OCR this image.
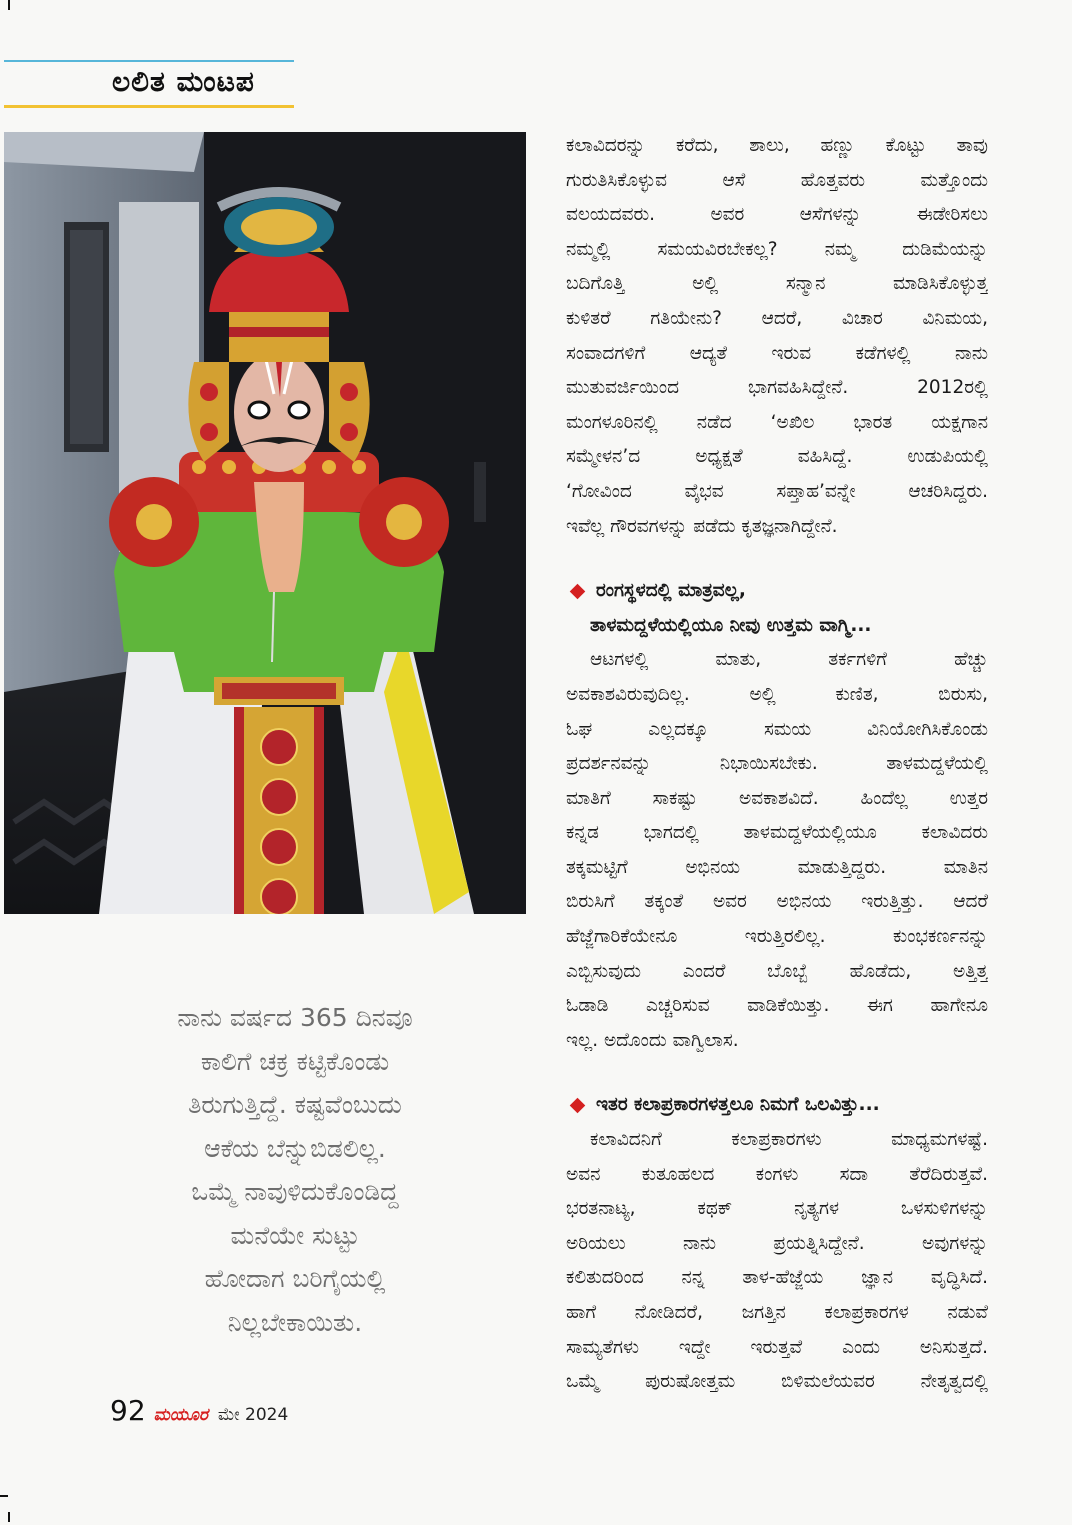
ಲಲಿತ ಮಂಟಪ
ನಾನು ವರ್ಷದ 365 ದಿನವೂ
ಕಾಲಿಗೆ ಚಕ್ರ ಕಟ್ಟಿಕೊಂಡು
ತಿರುಗುತ್ತಿದ್ದೆ. ಕಷ್ಟವೆಂಬುದು
ಆಕೆಯ ಬೆನ್ನುಬಿಡಲಿಲ್ಲ.
ಒಮ್ಮೆ ನಾವುಳಿದುಕೊಂಡಿದ್ದ
ಮನೆಯೇ ಸುಟ್ಟು
ಹೋದಾಗ ಬರಿಗೈಯಲ್ಲಿ
ನಿಲ್ಲಬೇಕಾಯಿತು.
ಕಲಾವಿದರನ್ನು ಕರೆದು, ಶಾಲು, ಹಣ್ಣು ಕೊಟ್ಟು ತಾವು
ಗುರುತಿಸಿಕೊಳ್ಳುವ ಆಸೆ ಹೊತ್ತವರು ಮತ್ತೊಂದು
ವಲಯದವರು. ಅವರ ಆಸೆಗಳನ್ನು ಈಡೇರಿಸಲು
ನಮ್ಮಲ್ಲಿ ಸಮಯವಿರಬೇಕಲ್ಲ? ನಮ್ಮ ದುಡಿಮೆಯನ್ನು
ಬದಿಗೊತ್ತಿ ಅಲ್ಲಿ ಸನ್ಮಾನ ಮಾಡಿಸಿಕೊಳ್ಳುತ್ತ
ಕುಳಿತರೆ ಗತಿಯೇನು? ಆದರೆ, ವಿಚಾರ ವಿನಿಮಯ,
ಸಂವಾದಗಳಿಗೆ ಆದ್ಯತೆ ಇರುವ ಕಡೆಗಳಲ್ಲಿ ನಾನು
ಮುತುವರ್ಜಿಯಿಂದ ಭಾಗವಹಿಸಿದ್ದೇನೆ. 2012ರಲ್ಲಿ
ಮಂಗಳೂರಿನಲ್ಲಿ ನಡೆದ ‘ಅಖಿಲ ಭಾರತ ಯಕ್ಷಗಾನ
ಸಮ್ಮೇಳನ’ದ ಅಧ್ಯಕ್ಷತೆ ವಹಿಸಿದ್ದೆ. ಉಡುಪಿಯಲ್ಲಿ
‘ಗೋವಿಂದ ವೈಭವ ಸಪ್ತಾಹ’ವನ್ನೇ ಆಚರಿಸಿದ್ದರು.
ಇವೆಲ್ಲ ಗೌರವಗಳನ್ನು ಪಡೆದು ಕೃತಜ್ಞನಾಗಿದ್ದೇನೆ.
ರಂಗಸ್ಥಳದಲ್ಲಿ ಮಾತ್ರವಲ್ಲ,
ತಾಳಮದ್ದಳೆಯಲ್ಲಿಯೂ ನೀವು ಉತ್ತಮ ವಾಗ್ಮಿ...
ಆಟಗಳಲ್ಲಿ ಮಾತು, ತರ್ಕಗಳಿಗೆ ಹೆಚ್ಚು
ಅವಕಾಶವಿರುವುದಿಲ್ಲ. ಅಲ್ಲಿ ಕುಣಿತ, ಬಿರುಸು,
ಓಘ ಎಲ್ಲದಕ್ಕೂ ಸಮಯ ವಿನಿಯೋಗಿಸಿಕೊಂಡು
ಪ್ರದರ್ಶನವನ್ನು ನಿಭಾಯಿಸಬೇಕು. ತಾಳಮದ್ದಳೆಯಲ್ಲಿ
ಮಾತಿಗೆ ಸಾಕಷ್ಟು ಅವಕಾಶವಿದೆ. ಹಿಂದೆಲ್ಲ ಉತ್ತರ
ಕನ್ನಡ ಭಾಗದಲ್ಲಿ ತಾಳಮದ್ದಳೆಯಲ್ಲಿಯೂ ಕಲಾವಿದರು
ತಕ್ಕಮಟ್ಟಿಗೆ ಅಭಿನಯ ಮಾಡುತ್ತಿದ್ದರು. ಮಾತಿನ
ಬಿರುಸಿಗೆ ತಕ್ಕಂತೆ ಅವರ ಅಭಿನಯ ಇರುತ್ತಿತ್ತು. ಆದರೆ
ಹೆಜ್ಜೆಗಾರಿಕೆಯೇನೂ ಇರುತ್ತಿರಲಿಲ್ಲ. ಕುಂಭಕರ್ಣನನ್ನು
ಎಬ್ಬಿಸುವುದು ಎಂದರೆ ಬೊಬ್ಬೆ ಹೊಡೆದು, ಅತ್ತಿತ್ತ
ಓಡಾಡಿ ಎಚ್ಚರಿಸುವ ವಾಡಿಕೆಯಿತ್ತು. ಈಗ ಹಾಗೇನೂ
ಇಲ್ಲ. ಅದೊಂದು ವಾಗ್ವಿಲಾಸ.
ಇತರ ಕಲಾಪ್ರಕಾರಗಳತ್ತಲೂ ನಿಮಗೆ ಒಲವಿತ್ತು...
ಕಲಾವಿದನಿಗೆ ಕಲಾಪ್ರಕಾರಗಳು ಮಾಧ್ಯಮಗಳಷ್ಟೆ.
ಅವನ ಕುತೂಹಲದ ಕಂಗಳು ಸದಾ ತೆರೆದಿರುತ್ತವೆ.
ಭರತನಾಟ್ಯ, ಕಥಕ್ ನೃತ್ಯಗಳ ಒಳಸುಳಿಗಳನ್ನು
ಅರಿಯಲು ನಾನು ಪ್ರಯತ್ನಿಸಿದ್ದೇನೆ. ಅವುಗಳನ್ನು
ಕಲಿತುದರಿಂದ ನನ್ನ ತಾಳ-ಹೆಜ್ಜೆಯ ಜ್ಞಾನ ವೃದ್ಧಿಸಿದೆ.
ಹಾಗೆ ನೋಡಿದರೆ, ಜಗತ್ತಿನ ಕಲಾಪ್ರಕಾರಗಳ ನಡುವೆ
ಸಾಮ್ಯತೆಗಳು ಇದ್ದೇ ಇರುತ್ತವೆ ಎಂದು ಅನಿಸುತ್ತದೆ.
ಒಮ್ಮೆ ಪುರುಷೋತ್ತಮ ಬಿಳಿಮಲೆಯವರ ನೇತೃತ್ವದಲ್ಲಿ
92 ಮಯೂರ ಮೇ 2024
